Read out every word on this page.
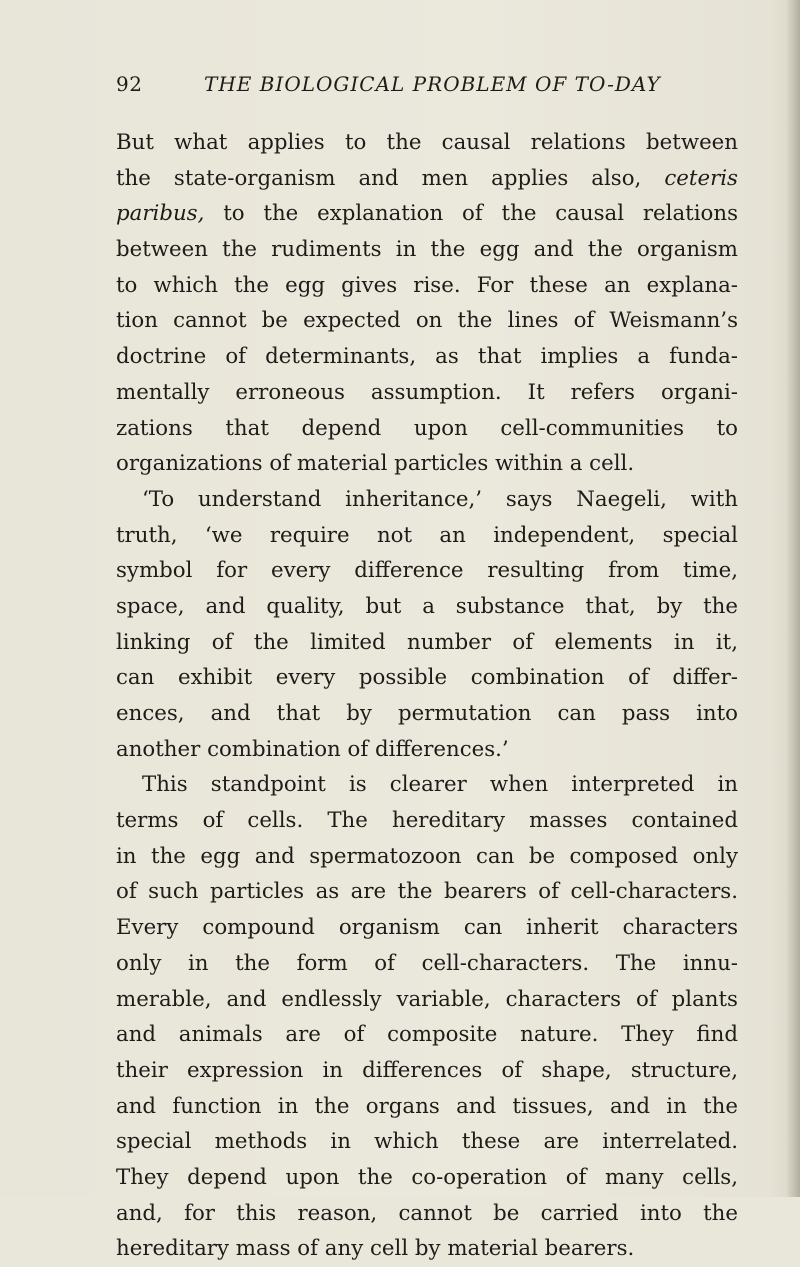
92	THE BIOLOGICAL PROBLEM OF TO-DAY
But what applies to the causal relations between
the state-organism and men applies also, ceteris
paribus, to the explanation of the causal relations
between the rudiments in the egg and the organism
to which the egg gives rise. For these an explana-
tion cannot be expected on the lines of Weismann’s
doctrine of determinants, as that implies a funda-
mentally erroneous assumption. It refers organi-
zations that depend upon cell-communities to
organizations of material particles within a cell.
‘To understand inheritance,’ says Naegeli, with
truth, ‘we require not an independent, special
symbol for every difference resulting from time,
space, and quality, but a substance that, by the
linking of the limited number of elements in it,
can exhibit every possible combination of differ-
ences, and that by permutation can pass into
another combination of differences.’
This standpoint is clearer when interpreted in
terms of cells. The hereditary masses contained
in the egg and spermatozoon can be composed only
of such particles as are the bearers of cell-characters.
Every compound organism can inherit characters
only in the form of cell-characters. The innu-
merable, and endlessly variable, characters of plants
and animals are of composite nature. They find
their expression in differences of shape, structure,
and function in the organs and tissues, and in the
special methods in which these are interrelated.
They depend upon the co-operation of many cells,
and, for this reason, cannot be carried into the
hereditary mass of any cell by material bearers.
